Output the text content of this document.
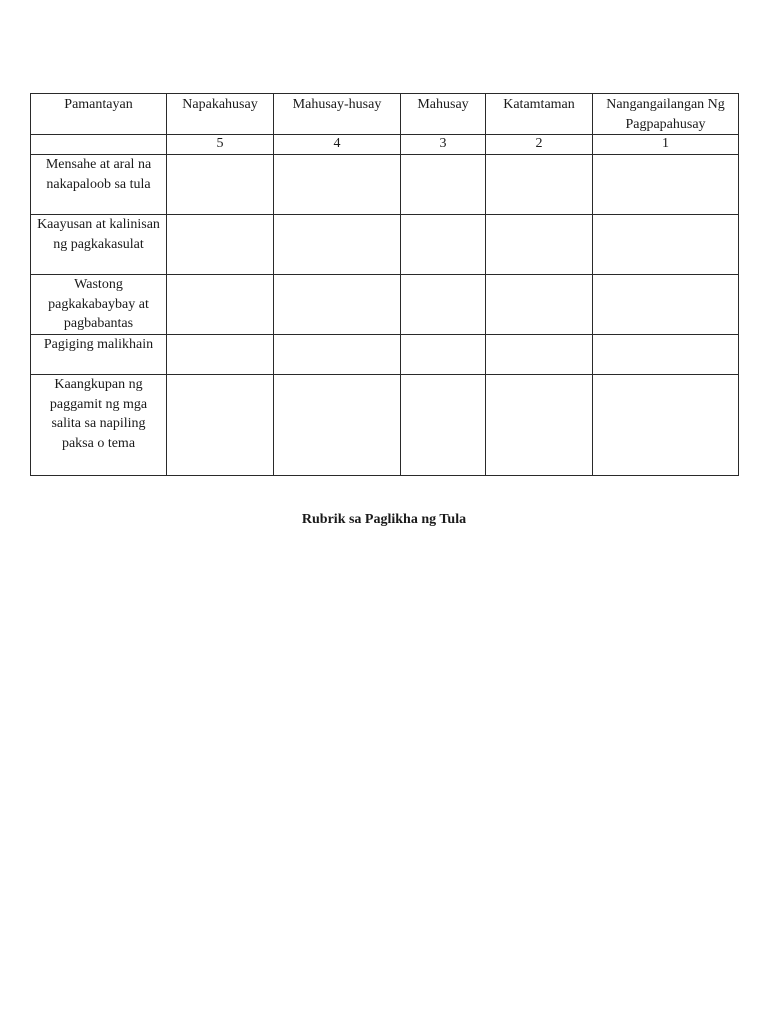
Pamantayan	Napakahusay	Mahusay-husay	Mahusay	Katamtaman	Nangangailangan Ng Pagpapahusay
	5	4	3	2	1
Mensahe at aral na nakapaloob sa tula					
Kaayusan at kalinisan ng pagkakasulat					
Wastong pagkakabaybay at pagbabantas					
Pagiging malikhain					
Kaangkupan ng paggamit ng mga salita sa napiling paksa o tema					
Rubrik sa Paglikha ng Tula
